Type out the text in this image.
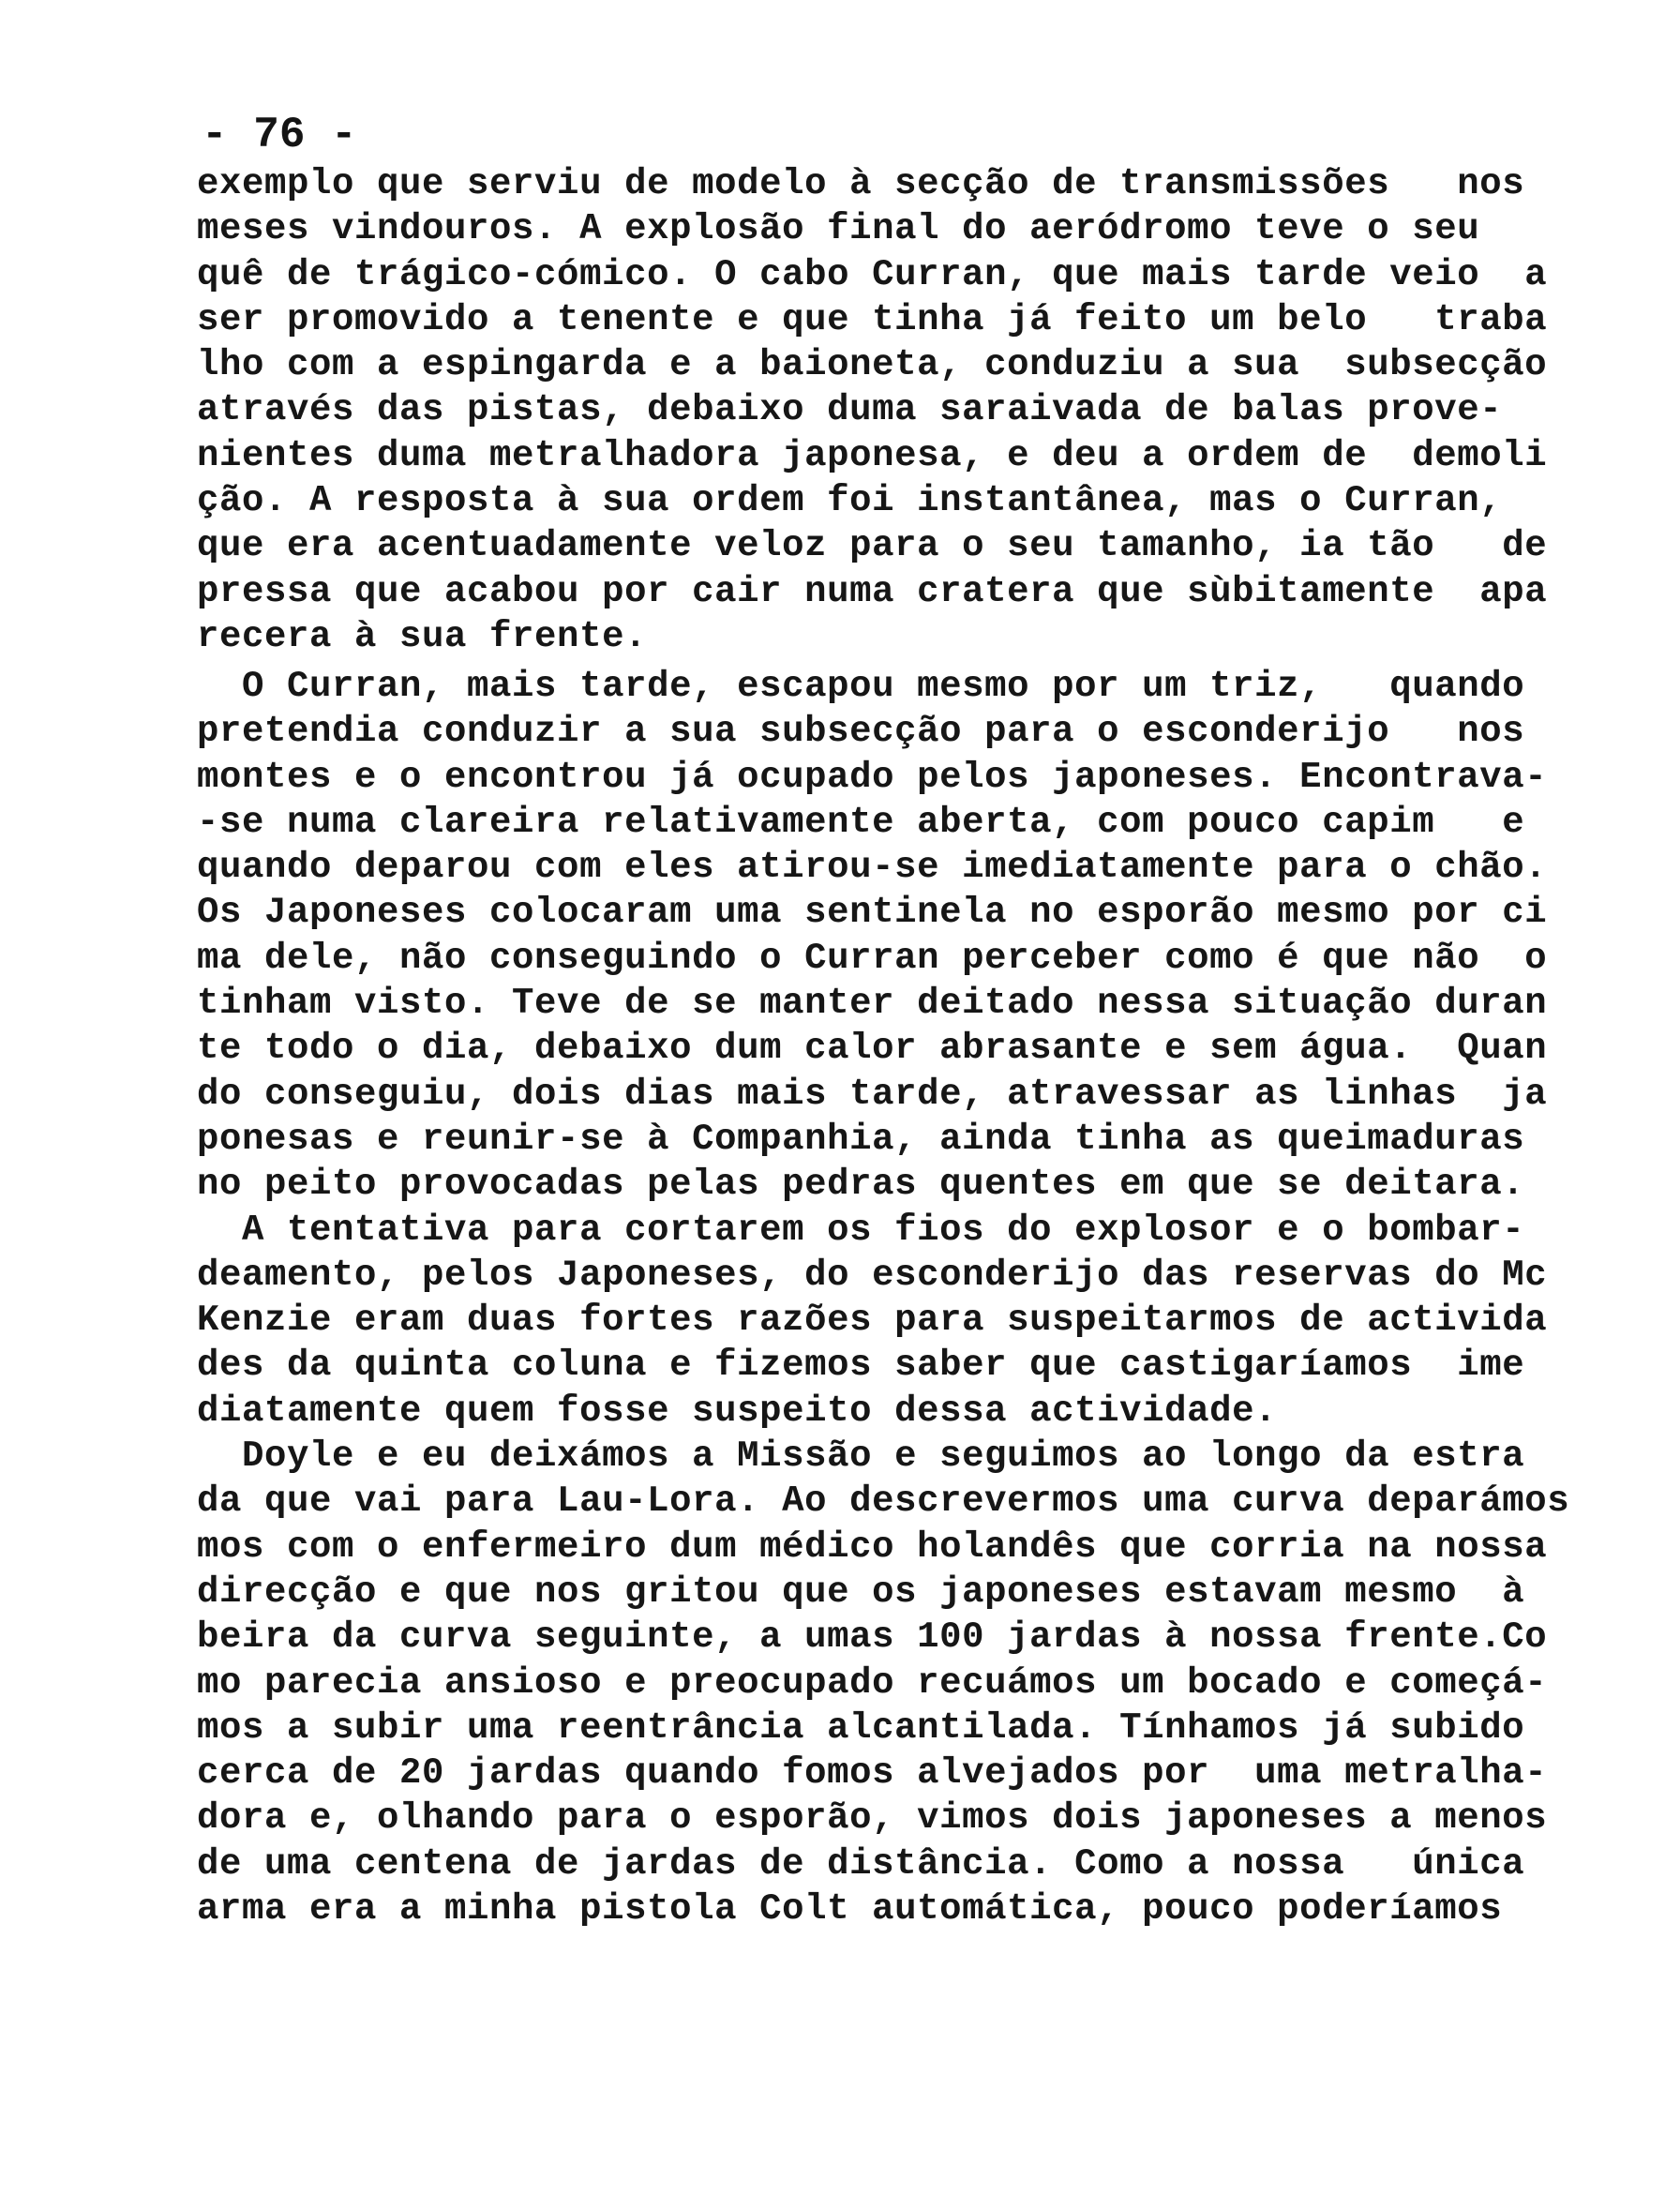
- 76 -

exemplo que serviu de modelo à secção de transmissões   nos
meses vindouros. A explosão final do aeródromo teve o seu
quê de trágico-cómico. O cabo Curran, que mais tarde veio  a
ser promovido a tenente e que tinha já feito um belo   traba
lho com a espingarda e a baioneta, conduziu a sua  subsecção
através das pistas, debaixo duma saraivada de balas prove-
nientes duma metralhadora japonesa, e deu a ordem de  demoli
ção. A resposta à sua ordem foi instantânea, mas o Curran,
que era acentuadamente veloz para o seu tamanho, ia tão   de
pressa que acabou por cair numa cratera que sùbitamente  apa
recera à sua frente.
O Curran, mais tarde, escapou mesmo por um triz,   quando
pretendia conduzir a sua subsecção para o esconderijo   nos
montes e o encontrou já ocupado pelos japoneses. Encontrava-
-se numa clareira relativamente aberta, com pouco capim   e
quando deparou com eles atirou-se imediatamente para o chão.
Os Japoneses colocaram uma sentinela no esporão mesmo por ci
ma dele, não conseguindo o Curran perceber como é que não  o
tinham visto. Teve de se manter deitado nessa situação duran
te todo o dia, debaixo dum calor abrasante e sem água.  Quan
do conseguiu, dois dias mais tarde, atravessar as linhas  ja
ponesas e reunir-se à Companhia, ainda tinha as queimaduras
no peito provocadas pelas pedras quentes em que se deitara.
A tentativa para cortarem os fios do explosor e o bombar-
deamento, pelos Japoneses, do esconderijo das reservas do Mc
Kenzie eram duas fortes razões para suspeitarmos de activida
des da quinta coluna e fizemos saber que castigaríamos  ime
diatamente quem fosse suspeito dessa actividade.
Doyle e eu deixámos a Missão e seguimos ao longo da estra
da que vai para Lau-Lora. Ao descrevermos uma curva deparámos
mos com o enfermeiro dum médico holandês que corria na nossa
direcção e que nos gritou que os japoneses estavam mesmo  à
beira da curva seguinte, a umas 100 jardas à nossa frente.Co
mo parecia ansioso e preocupado recuámos um bocado e começá-
mos a subir uma reentrância alcantilada. Tínhamos já subido
cerca de 20 jardas quando fomos alvejados por  uma metralha-
dora e, olhando para o esporão, vimos dois japoneses a menos
de uma centena de jardas de distância. Como a nossa   única
arma era a minha pistola Colt automática, pouco poderíamos
